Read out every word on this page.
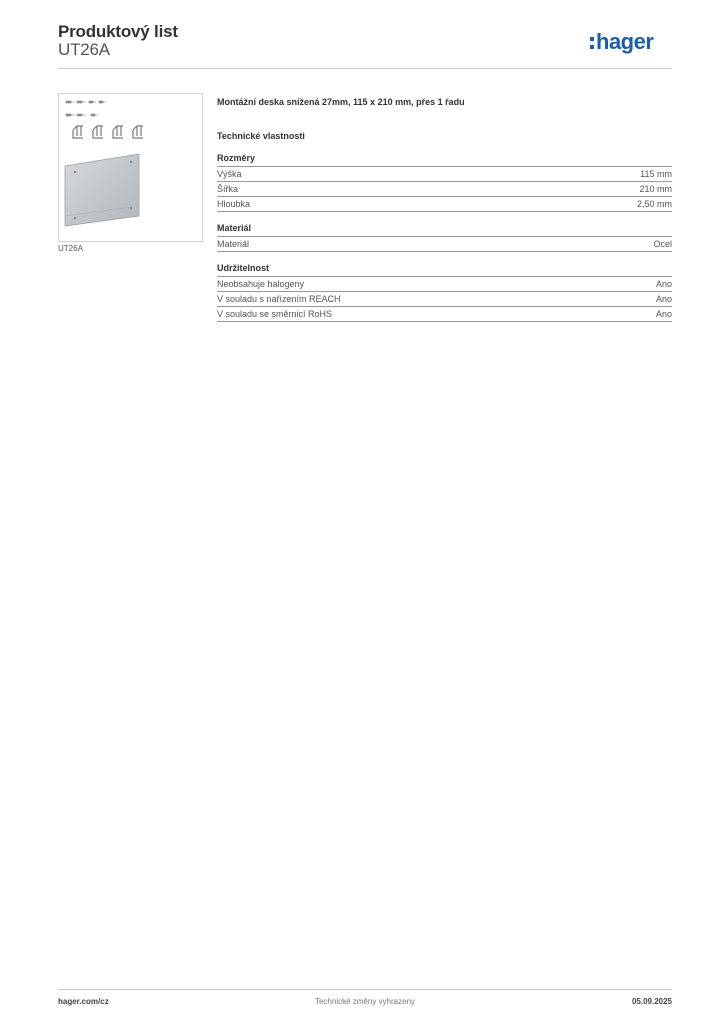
Produktový list
UT26A	hager
UT26A
Montážní deska snížená 27mm, 115 x 210 mm, přes 1 řadu
Technické vlastnosti
Rozměry
Výška	115 mm
Šířka	210 mm
Hloubka	2,50 mm
Materiál
Materiál	Ocel
Udržitelnost
Neobsahuje halogeny	Ano
V souladu s nařízením REACH	Ano
V souladu se směrnicí RoHS	Ano
Technické změny vyhrazeny
hager.com/cz	05.09.2025
